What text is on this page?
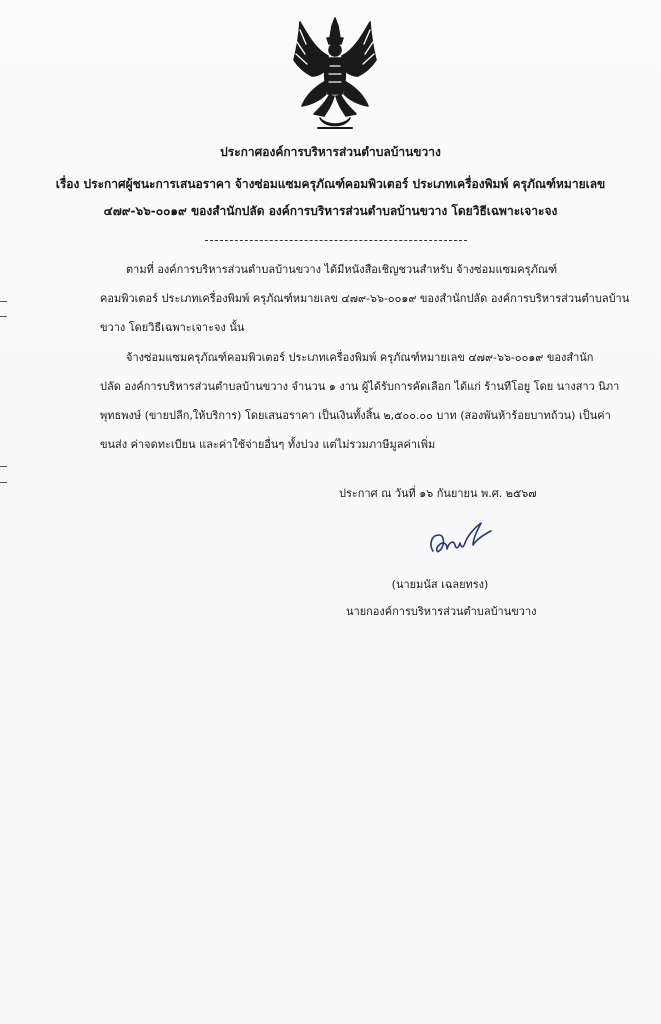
ประกาศองค์การบริหารส่วนตำบลบ้านขวาง
เรื่อง ประกาศผู้ชนะการเสนอราคา จ้างซ่อมแซมครุภัณฑ์คอมพิวเตอร์ ประเภทเครื่องพิมพ์ ครุภัณฑ์หมายเลข
๔๗๙-๖๖-๐๐๑๙ ของสำนักปลัด องค์การบริหารส่วนตำบลบ้านขวาง โดยวิธีเฉพาะเจาะจง
ตามที่ องค์การบริหารส่วนตำบลบ้านขวาง ได้มีหนังสือเชิญชวนสำหรับ จ้างซ่อมแซมครุภัณฑ์
คอมพิวเตอร์ ประเภทเครื่องพิมพ์ ครุภัณฑ์หมายเลข ๔๗๙-๖๖-๐๐๑๙ ของสำนักปลัด องค์การบริหารส่วนตำบลบ้าน
ขวาง โดยวิธีเฉพาะเจาะจง นั้น
จ้างซ่อมแซมครุภัณฑ์คอมพิวเตอร์ ประเภทเครื่องพิมพ์ ครุภัณฑ์หมายเลข ๔๗๙-๖๖-๐๐๑๙ ของสำนัก
ปลัด องค์การบริหารส่วนตำบลบ้านขวาง จำนวน ๑ งาน ผู้ได้รับการคัดเลือก ได้แก่ ร้านทีโอยู โดย นางสาว นิภา
พุทธพงษ์ (ขายปลีก,ให้บริการ) โดยเสนอราคา เป็นเงินทั้งสิ้น ๒,๕๐๐.๐๐ บาท (สองพันห้าร้อยบาทถ้วน) เป็นค่า
ขนส่ง ค่าจดทะเบียน และค่าใช้จ่ายอื่นๆ ทั้งปวง แต่ไม่รวมภาษีมูลค่าเพิ่ม
ประกาศ ณ วันที่ ๑๖ กันยายน พ.ศ. ๒๕๖๗
(นายมนัส เฉลยทรง)
นายกองค์การบริหารส่วนตำบลบ้านขวาง
